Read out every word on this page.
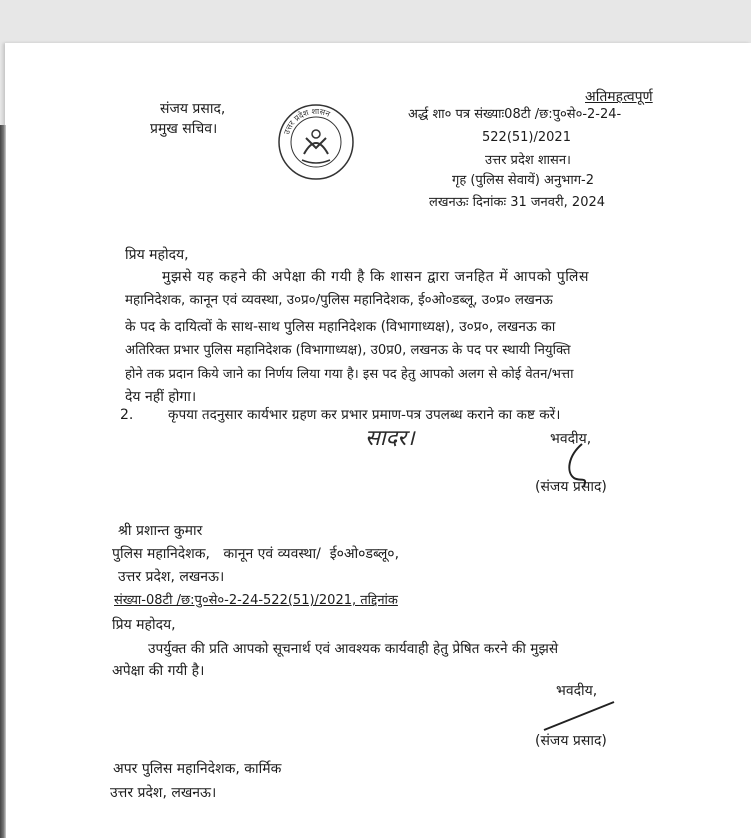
संजय प्रसाद,
प्रमुख सचिव।	उत्तर प्रदेश शासन
अतिमहत्वपूर्ण
अर्द्ध शा० पत्र संख्याः08टी /छ:पु०से०-2-24-
522(51)/2021
उत्तर प्रदेश शासन।
गृह (पुलिस सेवायें) अनुभाग-2
लखनऊः दिनांकः 31 जनवरी, 2024
प्रिय महोदय,
मुझसे यह कहने की अपेक्षा की गयी है कि शासन द्वारा जनहित में आपको पुलिस
महानिदेशक, कानून एवं व्यवस्था, उ०प्र०/पुलिस महानिदेशक, ई०ओ०डब्लू, उ०प्र० लखनऊ
के पद के दायित्वों के साथ-साथ पुलिस महानिदेशक (विभागाध्यक्ष), उ०प्र०, लखनऊ का
अतिरिक्त प्रभार पुलिस महानिदेशक (विभागाध्यक्ष), उ0प्र0, लखनऊ के पद पर स्थायी नियुक्ति
होने तक प्रदान किये जाने का निर्णय लिया गया है। इस पद हेतु आपको अलग से कोई वेतन/भत्ता
देय नहीं होगा।
2.	कृपया तदनुसार कार्यभार ग्रहण कर प्रभार प्रमाण-पत्र उपलब्ध कराने का कष्ट करें।
सादर।	भवदीय,
(संजय प्रसाद)
श्री प्रशान्त कुमार
पुलिस महानिदेशक,   कानून एवं व्यवस्था/  ई०ओ०डब्लू०,
उत्तर प्रदेश, लखनऊ।
संख्या-08टी /छ:पु०से०-2-24-522(51)/2021, तद्दिनांक
प्रिय महोदय,
उपर्युक्त की प्रति आपको सूचनार्थ एवं आवश्यक कार्यवाही हेतु प्रेषित करने की मुझसे
अपेक्षा की गयी है।
भवदीय,
(संजय प्रसाद)
अपर पुलिस महानिदेशक, कार्मिक
उत्तर प्रदेश, लखनऊ।
